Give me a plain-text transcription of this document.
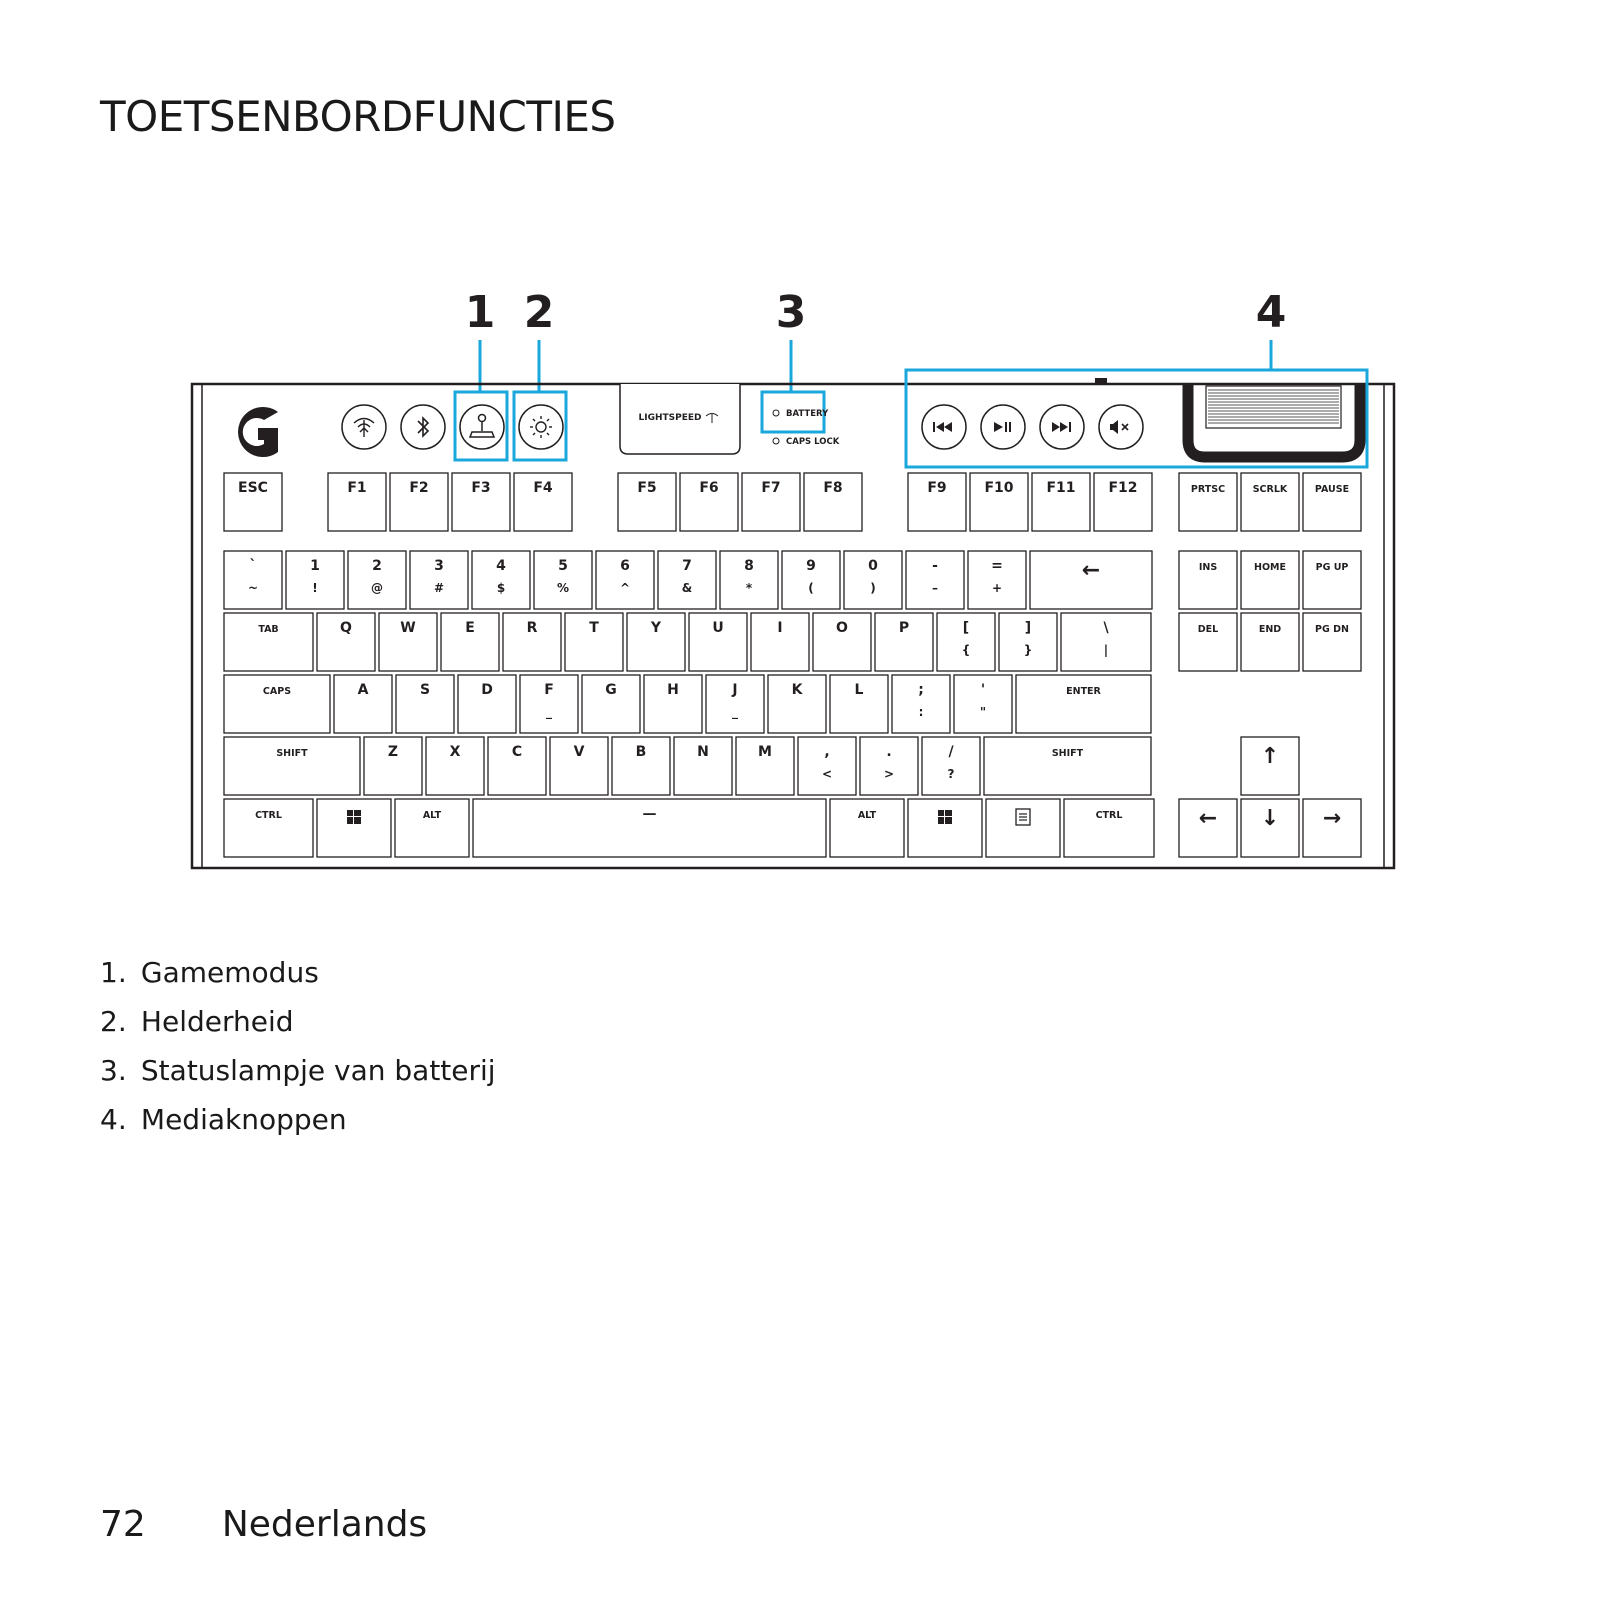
TOETSENBORDFUNCTIES
1 2	3	4
LIGHTSPEED	BATTERY
CAPS LOCK
ESC	F1	F2	F3	F4	F5	F6	F7	F8	F9	F10 F11 F12	PRTSC	SCRLK	PAUSE
`
~
1
!
2
@
3
#
4
$
5
%
6
^
7
&
8
*
9
(
0
)
-
–
=
+
←
TAB	Q	W	E	R	T	Y	U	I	O	P	[
{
]
}
\
|
CAPS	A	S	D	F
_
G	H	J
_
K	L	;
:
'
"
ENTER
SHIFT	Z	X	C	V	B	N	M	,
<
.
>
/
?
SHIFT
CTRL	ALT	—	ALT	CTRL
INS	HOME	PG UP
DEL	END	PG DN
↑
← ↓ →
1. Gamemodus
2. Helderheid
3. Statuslampje van batterij
4. Mediaknoppen
72 Nederlands
